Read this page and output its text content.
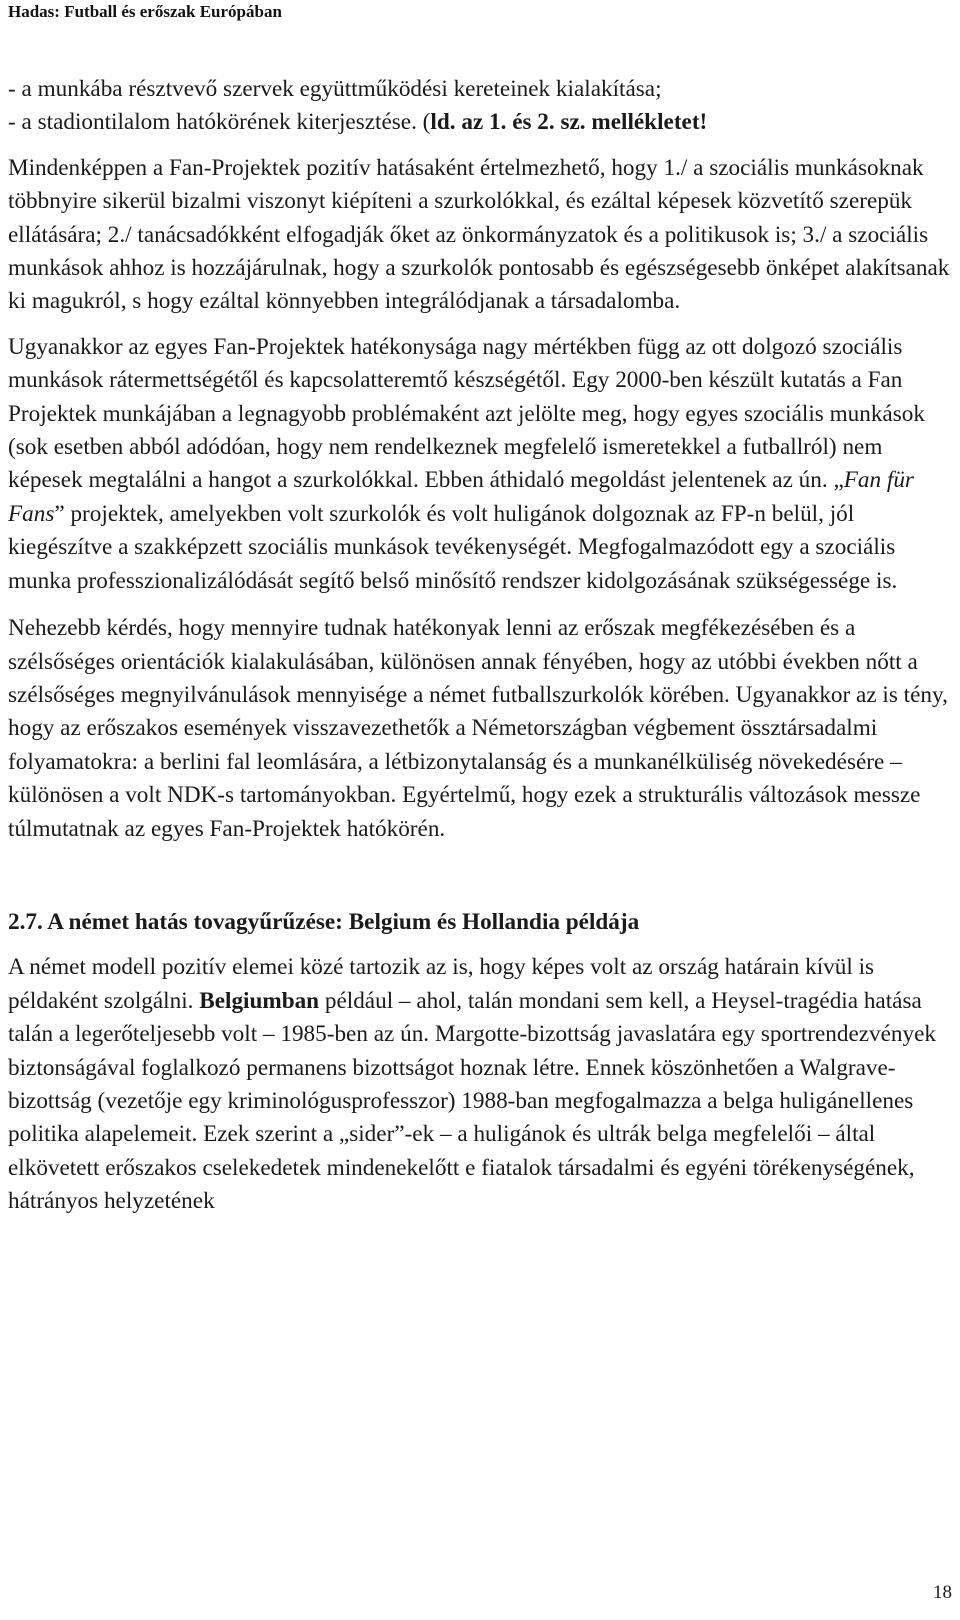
Hadas: Futball és erőszak Európában

- a munkába résztvevő szervek együttműködési kereteinek kialakítása;

- a stadiontilalom hatókörének kiterjesztése. (ld. az 1. és 2. sz. mellékletet!

Mindenképpen a Fan-Projektek pozitív hatásaként értelmezhető, hogy 1./ a szociális munkásoknak többnyire sikerül bizalmi viszonyt kiépíteni a szurkolókkal, és ezáltal képesek közvetítő szerepük ellátására; 2./ tanácsadókként elfogadják őket az önkormányzatok és a politikusok is; 3./ a szociális munkások ahhoz is hozzájárulnak, hogy a szurkolók pontosabb és egészségesebb önképet alakítsanak ki magukról, s hogy ezáltal könnyebben integrálódjanak a társadalomba.

Ugyanakkor az egyes Fan-Projektek hatékonysága nagy mértékben függ az ott dolgozó szociális munkások rátermettségétől és kapcsolatteremtő készségétől. Egy 2000-ben készült kutatás a Fan Projektek munkájában a legnagyobb problémaként azt jelölte meg, hogy egyes szociális munkások (sok esetben abból adódóan, hogy nem rendelkeznek megfelelő ismeretekkel a futballról) nem képesek megtalálni a hangot a szurkolókkal. Ebben áthidaló megoldást jelentenek az ún. „Fan für Fans” projektek, amelyekben volt szurkolók és volt huligánok dolgoznak az FP-n belül, jól kiegészítve a szakképzett szociális munkások tevékenységét. Megfogalmazódott egy a szociális munka professzionalizálódását segítő belső minősítő rendszer kidolgozásának szükségessége is.

Nehezebb kérdés, hogy mennyire tudnak hatékonyak lenni az erőszak megfékezésében és a szélsőséges orientációk kialakulásában, különösen annak fényében, hogy az utóbbi években nőtt a szélsőséges megnyilvánulások mennyisége a német futballszurkolók körében. Ugyanakkor az is tény, hogy az erőszakos események visszavezethetők a Németországban végbement össztársadalmi folyamatokra: a berlini fal leomlására, a létbizonytalanság és a munkanélküliség növekedésére – különösen a volt NDK-s tartományokban. Egyértelmű, hogy ezek a strukturális változások messze túlmutatnak az egyes Fan-Projektek hatókörén.

2.7. A német hatás tovagyűrűzése: Belgium és Hollandia példája

A német modell pozitív elemei közé tartozik az is, hogy képes volt az ország határain kívül is példaként szolgálni. Belgiumban például – ahol, talán mondani sem kell, a Heysel-tragédia hatása talán a legerőteljesebb volt – 1985-ben az ún. Margotte-bizottság javaslatára egy sportrendezvények biztonságával foglalkozó permanens bizottságot hoznak létre. Ennek köszönhetően a Walgrave-bizottság (vezetője egy kriminológusprofesszor) 1988-ban megfogalmazza a belga huligánellenes politika alapelemeit. Ezek szerint a „sider”-ek – a huligánok és ultrák belga megfelelői – által elkövetett erőszakos cselekedetek mindenekelőtt e fiatalok társadalmi és egyéni törékenységének, hátrányos helyzetének

18
